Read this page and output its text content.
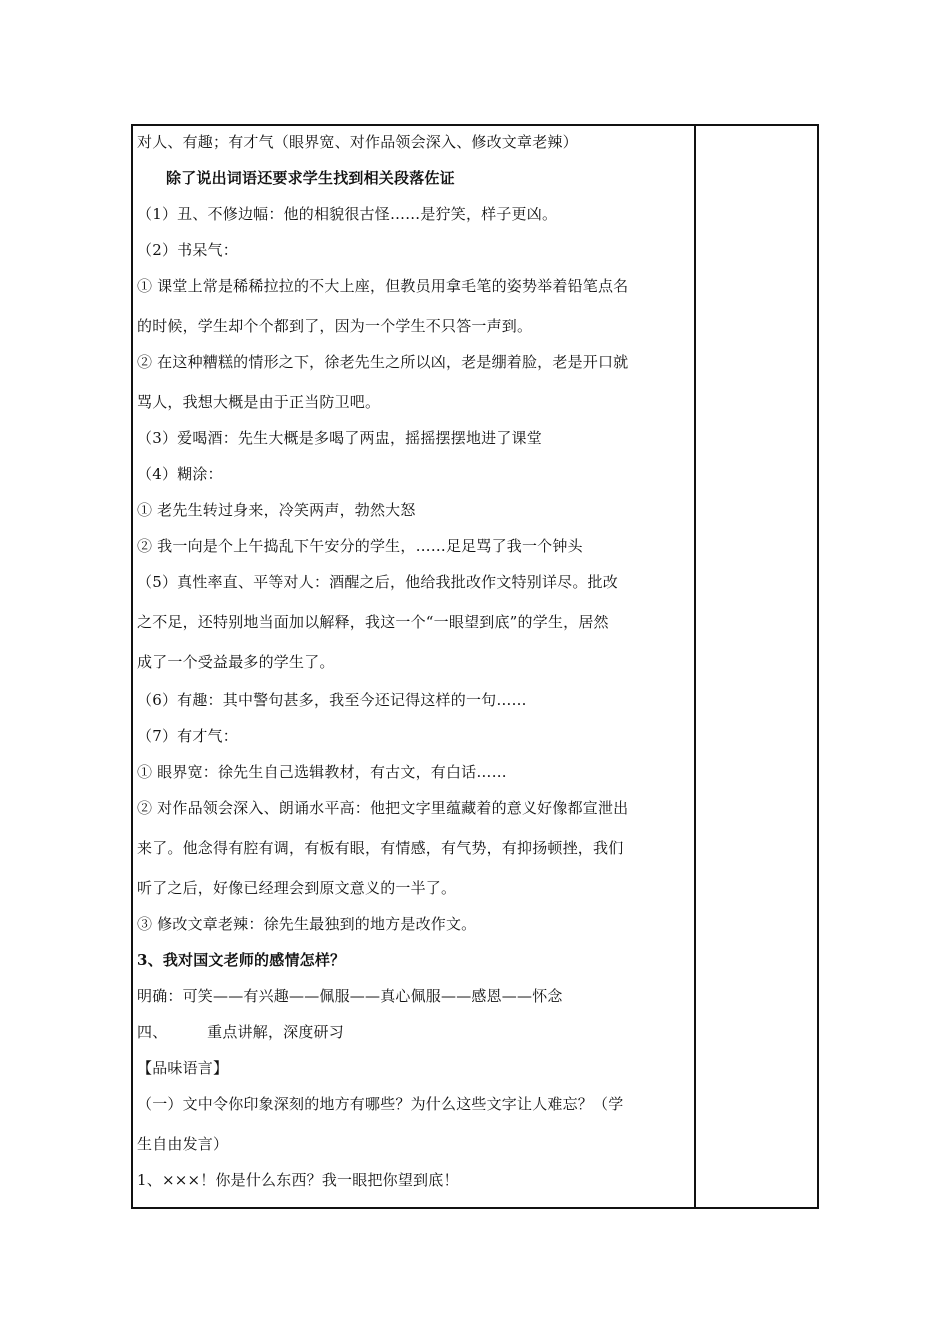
对人、有趣；有才气（眼界宽、对作品领会深入、修改文章老辣）
除了说出词语还要求学生找到相关段落佐证
（1）丑、不修边幅：他的相貌很古怪……是狞笑，样子更凶。
（2）书呆气：
① 课堂上常是稀稀拉拉的不大上座，但教员用拿毛笔的姿势举着铅笔点名
的时候，学生却个个都到了，因为一个学生不只答一声到。
② 在这种糟糕的情形之下，徐老先生之所以凶，老是绷着脸，老是开口就
骂人，我想大概是由于正当防卫吧。
（3）爱喝酒：先生大概是多喝了两盅，摇摇摆摆地进了课堂
（4）糊涂：
① 老先生转过身来，冷笑两声，勃然大怒
② 我一向是个上午捣乱下午安分的学生，……足足骂了我一个钟头
（5）真性率直、平等对人：酒醒之后，他给我批改作文特别详尽。批改
之不足，还特别地当面加以解释，我这一个“一眼望到底”的学生，居然
成了一个受益最多的学生了。
（6）有趣：其中警句甚多，我至今还记得这样的一句……
（7）有才气：
① 眼界宽：徐先生自己选辑教材，有古文，有白话……
② 对作品领会深入、朗诵水平高：他把文字里蕴藏着的意义好像都宣泄出
来了。他念得有腔有调，有板有眼，有情感，有气势，有抑扬顿挫，我们
听了之后，好像已经理会到原文意义的一半了。
③ 修改文章老辣：徐先生最独到的地方是改作文。
3、我对国文老师的感情怎样？
明确：可笑——有兴趣——佩服——真心佩服——感恩——怀念
四、        重点讲解，深度研习
【品味语言】
（一）文中令你印象深刻的地方有哪些？为什么这些文字让人难忘？（学
生自由发言）
1、×××！你是什么东西？我一眼把你望到底！
